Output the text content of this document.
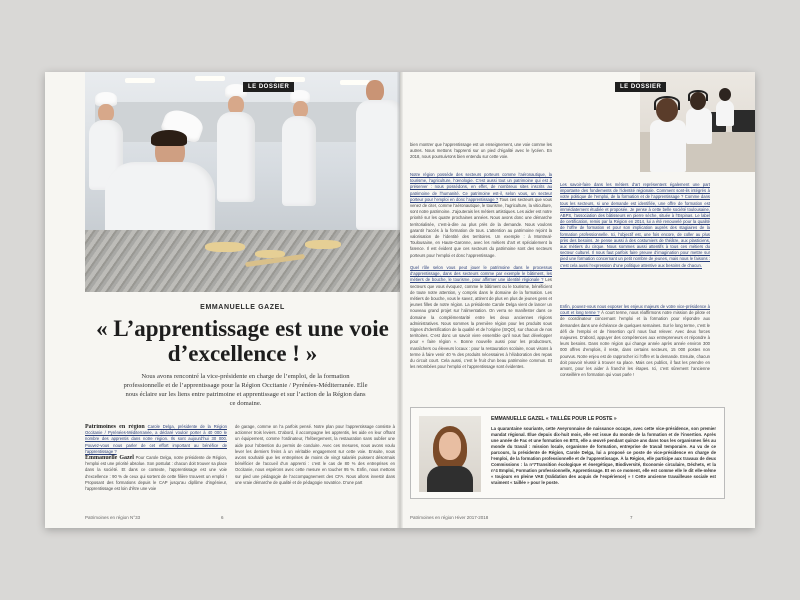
LE DOSSIER
EMMANUELLE GAZEL
« L’apprentissage est une voie d’excellence ! »
Nous avons rencontré la vice-présidente en charge de l’emploi, de la formation professionnelle et de l’apprentissage pour la Région Occitanie / Pyrénées-Méditerranée. Elle nous éclaire sur les liens entre patrimoine et apprentissage et sur l’action de la Région dans ce domaine.
Patrimoines en région Carole Delga, présidente de la Région Occitanie / Pyrénées-Méditerranée, a déclaré vouloir porter à 40 000 le nombre des apprentis dans notre région. Ils sont aujourd’hui 30 000. Pouvez-vous nous parler de cet effort important au bénéfice de l’apprentissage ?
Emmanuelle Gazel Pour Carole Delga, notre présidente de Région, l’emploi est une priorité absolue. Son postulat : chacun doit trouver sa place dans la société. Et dans ce contexte, l’apprentissage est une voie d’excellence : 90 % de ceux qui sortent de cette filière trouvent un emploi ! Proposant des formations depuis le CAP jusqu’au diplôme d’ingénieur, l’apprentissage est loin d’être une voie
de garage, comme on l’a parfois pensé. Notre plan pour l’apprentissage consiste à actionner trois leviers. D’abord, il accompagne les apprentis, les aide en leur offrant un équipement, comme l’ordinateur, l’hébergement, la restauration sans oublier une aide pour l’obtention du permis de conduire. Avec ces mesures, nous avons voulu lever les derniers freins à un véritable engagement sur cette voie. Ensuite, nous avons souhaité que les entreprises de moins de vingt salariés puissent désormais bénéficier de l’accueil d’un apprenti : c’est le cas de 80 % des entreprises en Occitanie, nous espérons avec cette mesure en toucher 95 %. Enfin, nous mettons sur pied une pédagogie de l’accompagnement des CFA. Nous allons investir dans une vraie démarche de qualité et de pédagogie novatrice. D’une part
Patrimoines en région N°33	6
bien montrer que l’apprentissage est un enseignement, une voie comme les autres. Nous mettons l’apprenti sur un pied d’égalité avec le lycéen. En 2018, nous poursuivrons bien entendu sur cette voie.
Notre région possède des secteurs porteurs comme l’aéronautique, la tourisme, l’agriculture, l’œnologie. C’est aussi tout un patrimoine qui est à préserver : nous possédons, en effet, de nombreux sites inscrits au patrimoine de l’humanité. Ce patrimoine est-il, selon vous, un secteur porteur pour l’emploi en donc l’apprentissage ? Tous ces secteurs que vous venez de citer, comme l’aéronautique, le tourisme, l’agriculture, la viticulture, sont notre patrimoine. J’ajouterais les métiers artistiques. Les aider est notre priorité sur les quatre prochaines années. Nous avons donc une démarche territorialisée, c’est-à-dire au plus près de la demande. Nous voulons garantir l’accès à la formation de tous. L’attention au patrimoine rejoint la valorisation de l’identité des territoires. Un exemple : à Montreal-Toulousaine, en Haute-Garonne, avec les métiers d’art et spécialement la faïence. Il est évident que ces secteurs du patrimoine sont des secteurs porteurs pour l’emploi et donc l’apprentissage.

Quel rôle selon vous peut jouer le patrimoine dans le processus d’apprentissage, dans des secteurs comme par exemple le bâtiment, les métiers de bouche, le tourisme, pour affirmer une identité régionale ? Les secteurs que vous évoquez, comme le bâtiment ou le tourisme, bénéficient de toute notre attention, y compris dans le domaine de la formation. Les métiers de bouche, vous le savez, attirent de plus en plus de jeunes gens et jeunes filles de notre région. La présidente Carole Delga vient de lancer un nouveau grand projet sur l’alimentation. On verra se manifester dans ce domaine la complémentarité entre les deux anciennes régions administratives. Nous sommes la première région pour les produits sous Signes d’Identification de la qualité et de l’origine (SIQO), sur chacun de nos territoires. C’est donc un savoir vivre ensemble qu’il nous faut développer pour « faire région ». Bonne nouvelle aussi pour les producteurs, maraîchers ou éleveurs locaux : pour la restauration scolaire, nous visons à terme à faire venir 40 % des produits nécessaires à l’élaboration des repas du circuit court. Cela aussi, c’est le fruit d’un beau patrimoine commun. Et les retombées pour l’emploi et l’apprentissage sont évidentes.
LE DOSSIER
Les savoir-faire dans les métiers d’art représentent également une part importante des fondements de l’identité régionale. Comment sont-ils intégrés à votre politique de l’emploi, de la formation et de l’apprentissage ? Comme dans tous les secteurs, si une demande est identifiée, une offre de formation est immédiatement étudiée et proposée. Je pense à cette belle société toulousaine, ABPS, l’association des bâtisseurs en pierre sèche, située à l’Espinas. Le label de certification, remis par la Région en 2014, lui a été renouvelé pour la qualité de l’offre de formation et pour son implication auprès des stagiaires de la formation professionnelle. Ici, l’objectif est, une fois encore, de coller au plus près des besoins. Je pense aussi à des costumiers de théâtre, aux plasticiens, aux métiers du cirque. Nous sommes aussi attentifs à tous ces métiers du secteur culturel. Il nous faut parfois faire preuve d’imagination pour mettre sur pied une formation concernant un petit nombre de jeunes, mais nous le faisons : c’est cela aussi l’expression d’une politique attentive aux besoins de chacun.
Enfin, pouvez-vous nous exposer les enjeux majeurs de votre vice-présidence à court et long terme ? À court terme, nous réaffirmons notre mission de pilote et de coordinateur concernant l’emploi et la formation pour répondre aux demandes dans une échéance de quelques semaines. Sur le long terme, c’est le défi de l’emploi et de l’insertion qu’il nous faut relever. Avec deux forces majeures. D’abord, appuyer des compétences aux entrepreneurs et répondre à leurs besoins. Dans notre région qui change année après année environ 300 000 offres d’emplois, il reste, dans certains secteurs, 15 000 postes non pourvus. Notre enjeu est de rapprocher ici l’offre et la demande. Ensuite, chacun doit pouvoir réussir à trouver sa place. Mais ces publics, il faut les prendre en amont, pour les aider à franchir les étapes. Ici, c’est sûrement l’ancienne conseillère en formation qui vous parle !
EMMANUELLE GAZEL « TAILLÉE POUR LE POSTE »
La quarantaine souriante, cette Aveyronnaise de naissance occupe, avec cette vice-présidence, son premier mandat régional. Élue depuis dix-huit mois, elle est issue du monde de la formation et de l’insertion. Après une année de Fac et une formation en BTS, elle a œuvré pendant quinze ans dans tous les organismes liés au monde du travail : mission locale, organisme de formation, entreprise de travail temporaire. Au vu de ce parcours, la présidente de Région, Carole Delga, lui a proposé ce poste de vice-présidence en charge de l’emploi, de la formation professionnelle et de l’apprentissage. À la Région, elle participe aux travaux de deux Commissions : la n°7Transition écologique et énergétique, Biodiversité, Économie circulaire, Déchets, et la n°4 Emploi, Formation professionnelle, Apprentissage. Et en ce moment, elle est comme elle le dit elle-même « toujours en pleine VAE (Validation des acquis de l’expérience) » ! Cette ancienne travailleuse sociale est vraiment « taillée » pour le poste.
Patrimoines en région Hiver 2017-2018	7
